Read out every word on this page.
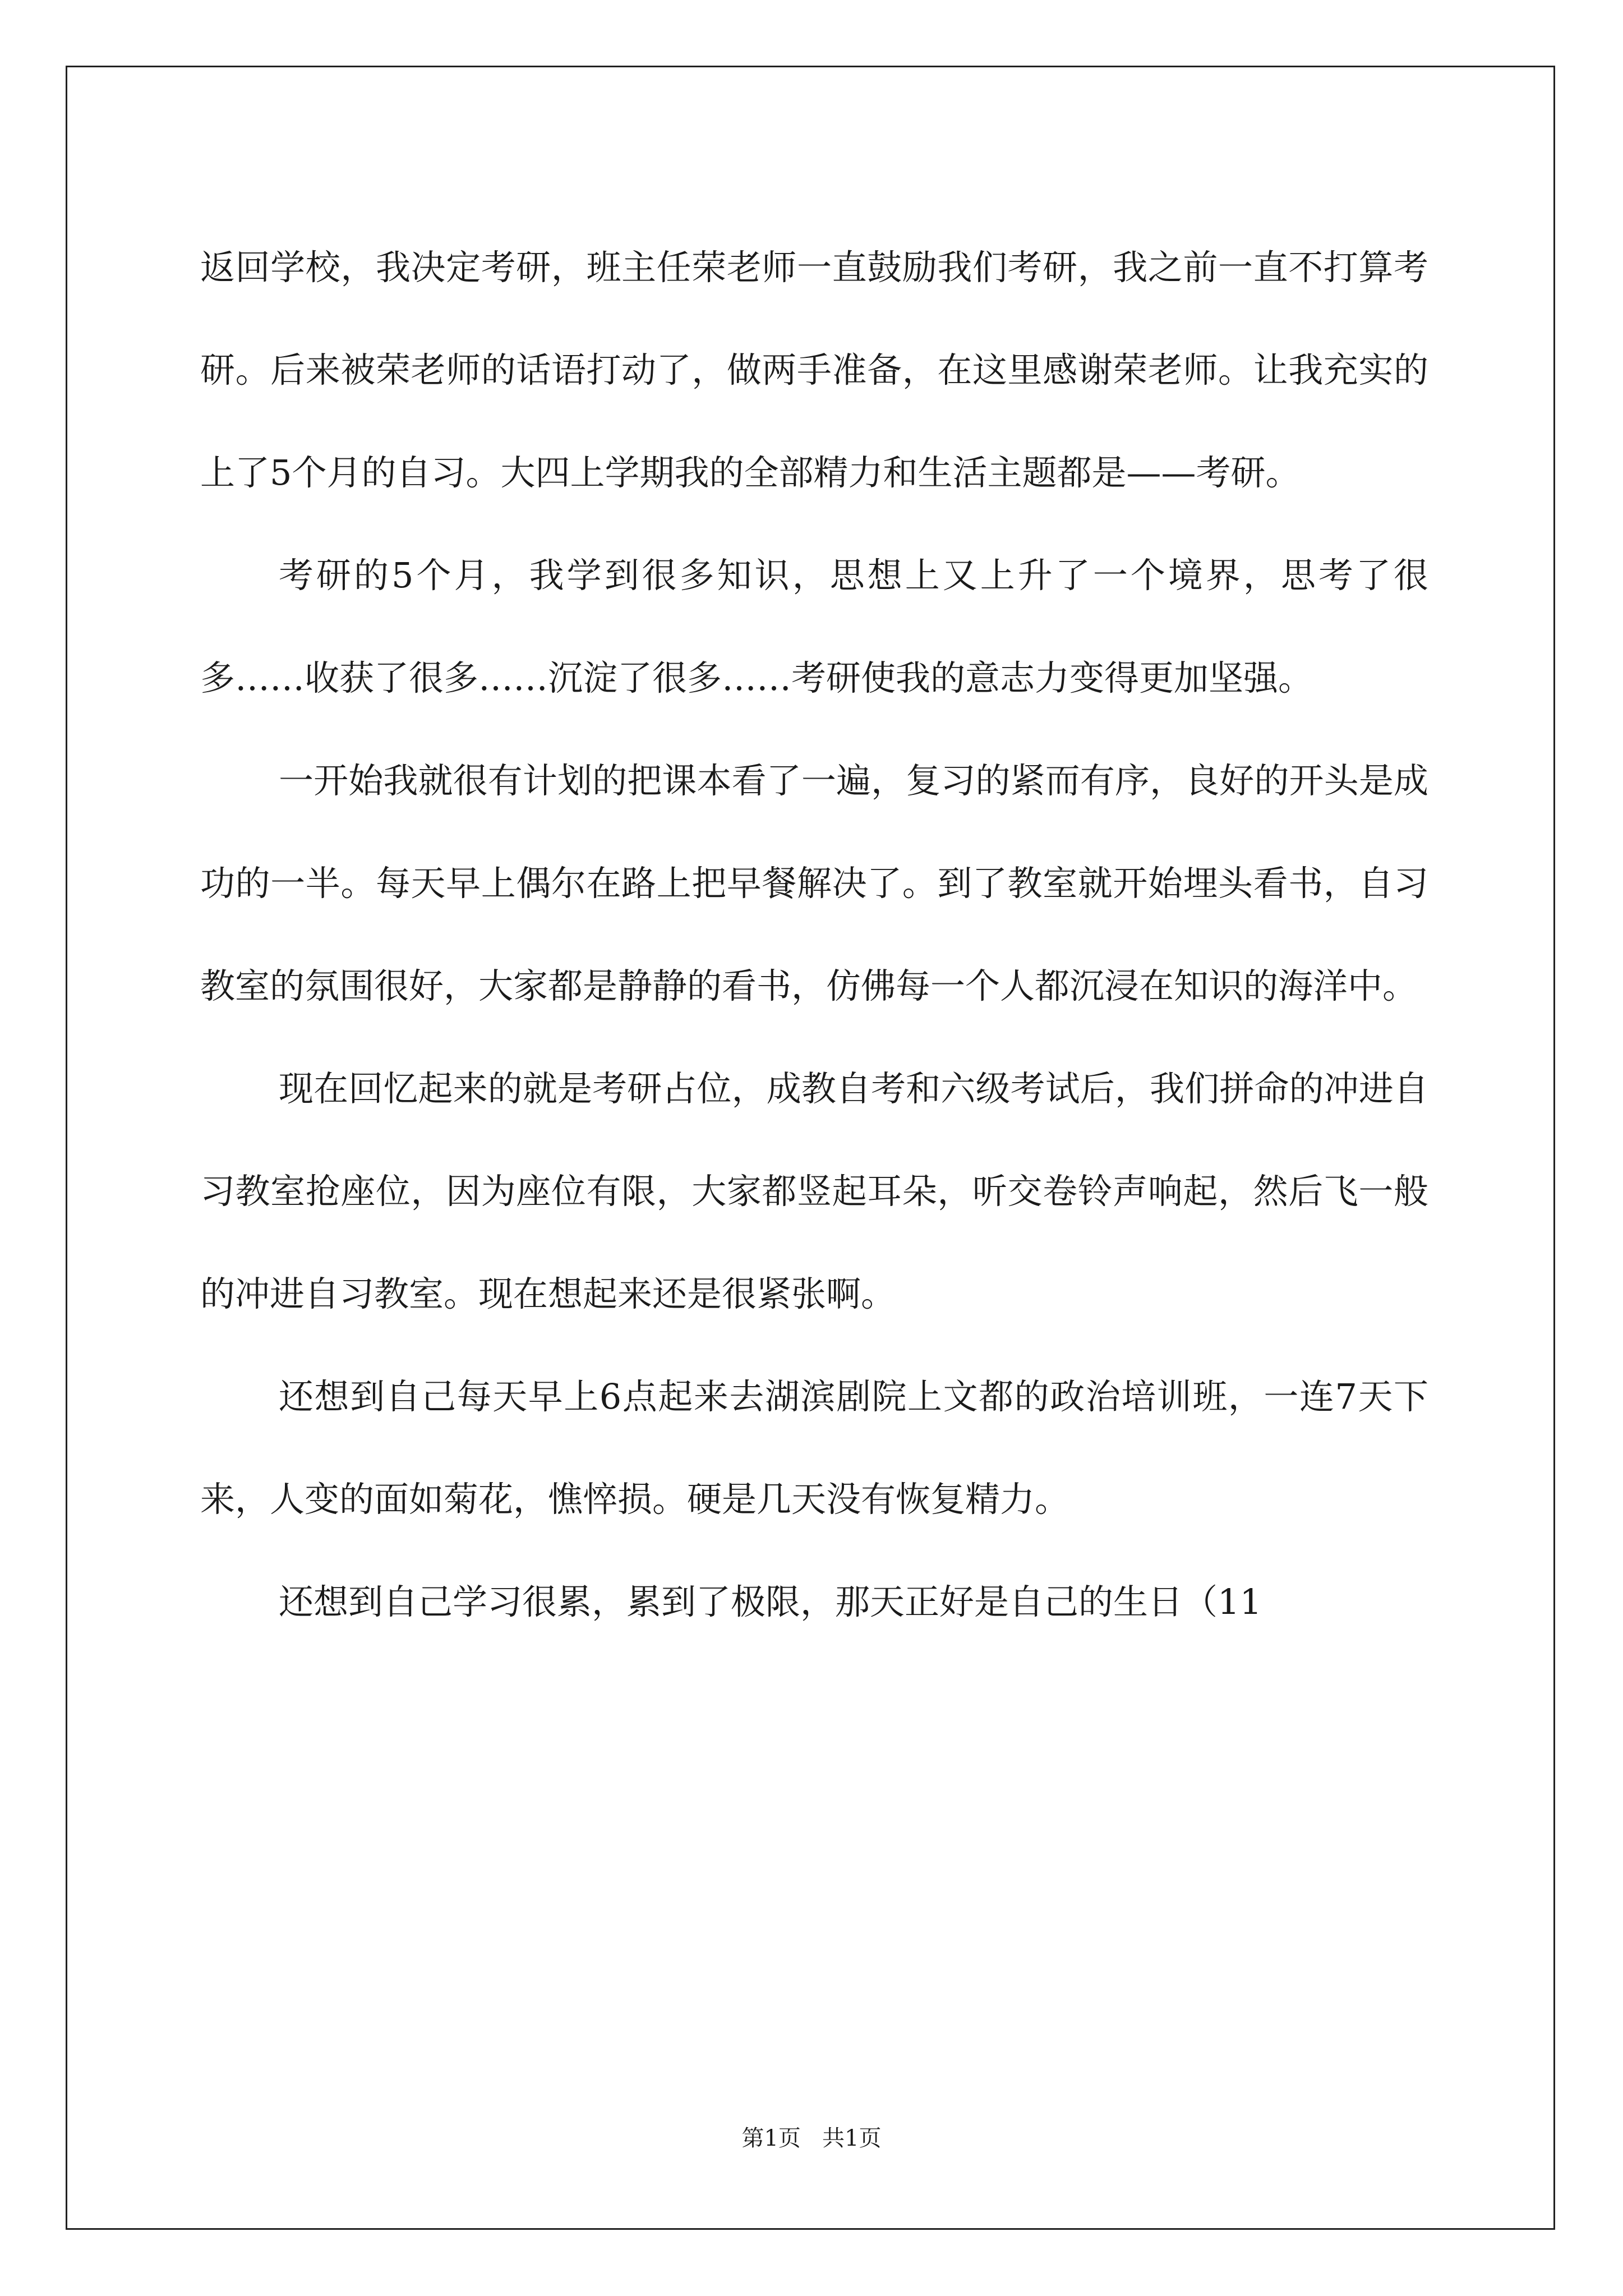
返回学校，我决定考研，班主任荣老师一直鼓励我们考研，我之前一直不打算考研。后来被荣老师的话语打动了，做两手准备，在这里感谢荣老师。让我充实的上了5个月的自习。大四上学期我的全部精力和生活主题都是——考研。

考研的5个月，我学到很多知识，思想上又上升了一个境界，思考了很多……收获了很多……沉淀了很多……考研使我的意志力变得更加坚强。

一开始我就很有计划的把课本看了一遍，复习的紧而有序，良好的开头是成功的一半。每天早上偶尔在路上把早餐解决了。到了教室就开始埋头看书，自习教室的氛围很好，大家都是静静的看书，仿佛每一个人都沉浸在知识的海洋中。

现在回忆起来的就是考研占位，成教自考和六级考试后，我们拼命的冲进自习教室抢座位，因为座位有限，大家都竖起耳朵，听交卷铃声响起，然后飞一般的冲进自习教室。现在想起来还是很紧张啊。

还想到自己每天早上6点起来去湖滨剧院上文都的政治培训班，一连7天下来，人变的面如菊花，憔悴损。硬是几天没有恢复精力。

还想到自己学习很累，累到了极限，那天正好是自己的生日（11

第1页   共1页
